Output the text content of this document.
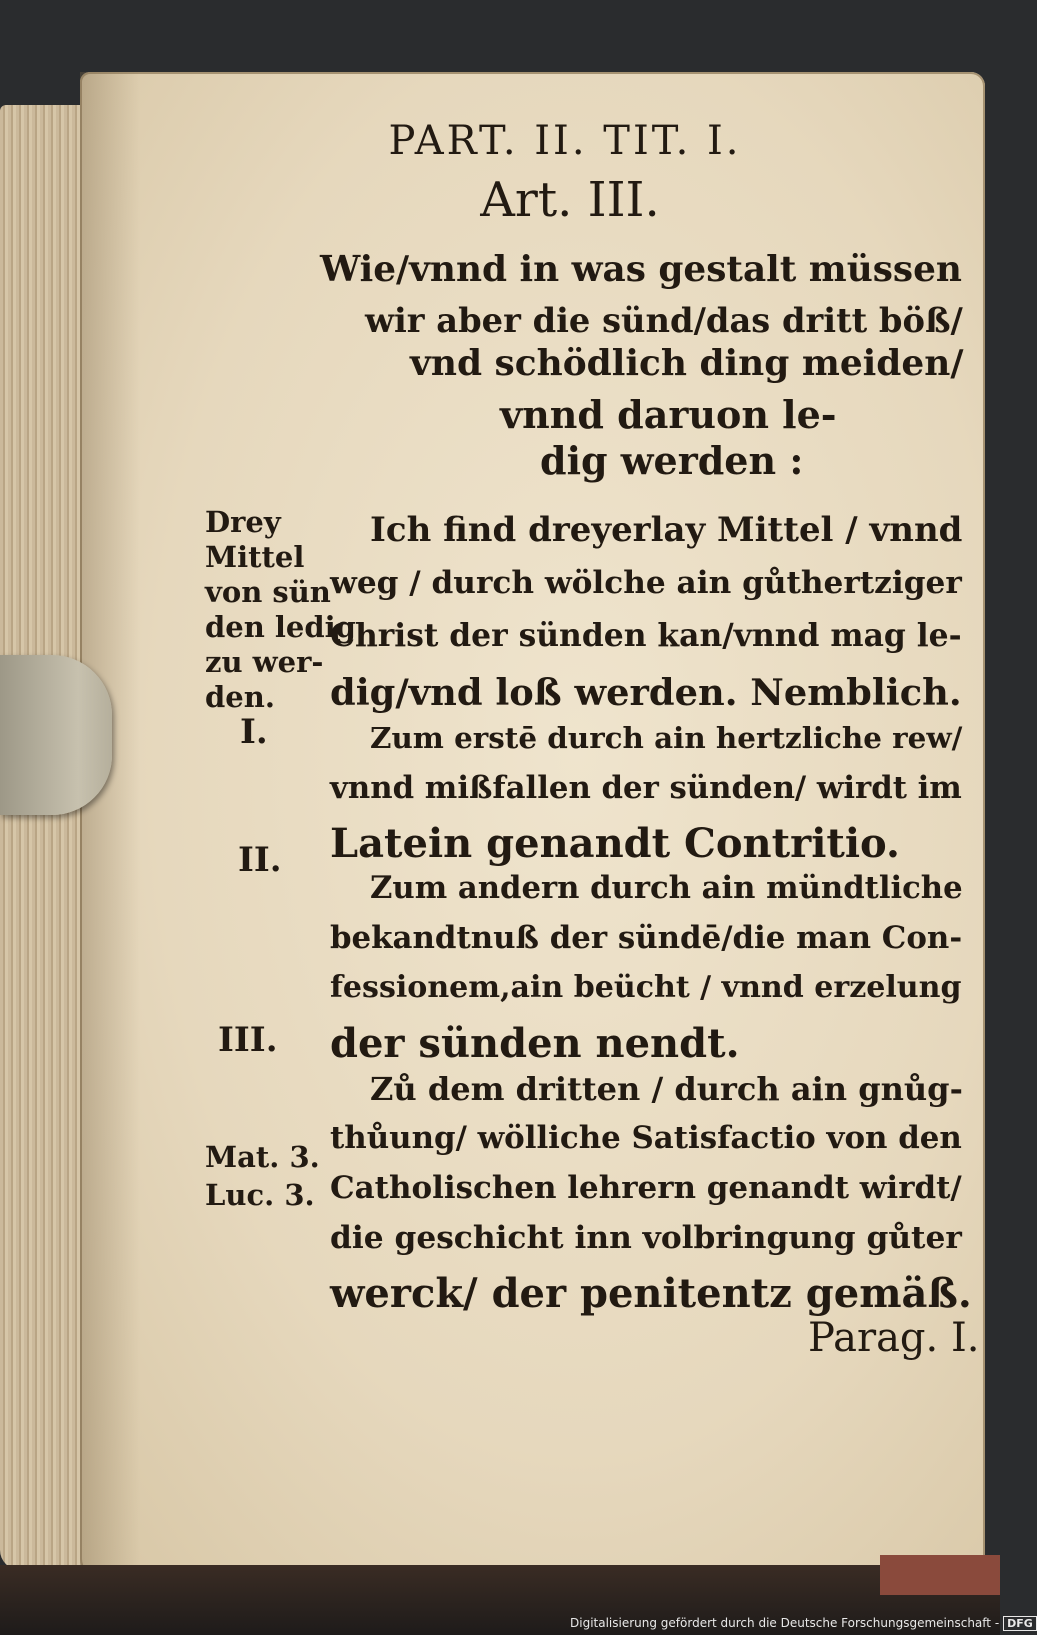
PART. II. TIT. I.
Art. III.
Wie/vnnd in was gestalt müssen
wir aber die sünd/das dritt böß/
vnd schödlich ding meiden/
vnnd daruon le-
dig werden :
Drey
Mittel
von sün
den ledig
zu wer-
den.
I.
II.
III.
Mat. 3.
Luc. 3.
Ich find dreyerlay Mittel / vnnd
weg / durch wölche ain gůthertziger
Christ der sünden kan/vnnd mag le-
dig/vnd loß werden. Nemblich.
Zum erstē durch ain hertzliche rew/
vnnd mißfallen der sünden/ wirdt im
Latein genandt Contritio.
Zum andern durch ain mündtliche
bekandtnuß der sündē/die man Con-
fessionem,ain beücht / vnnd erzelung
der sünden nendt.
Zů dem dritten / durch ain gnůg-
thůung/ wölliche Satisfactio von den
Catholischen lehrern genandt wirdt/
die geschicht inn volbringung gůter
werck/ der penitentz gemäß.
Parag. I.
Digitalisierung gefördert durch die Deutsche Forschungsgemeinschaft - DFG
